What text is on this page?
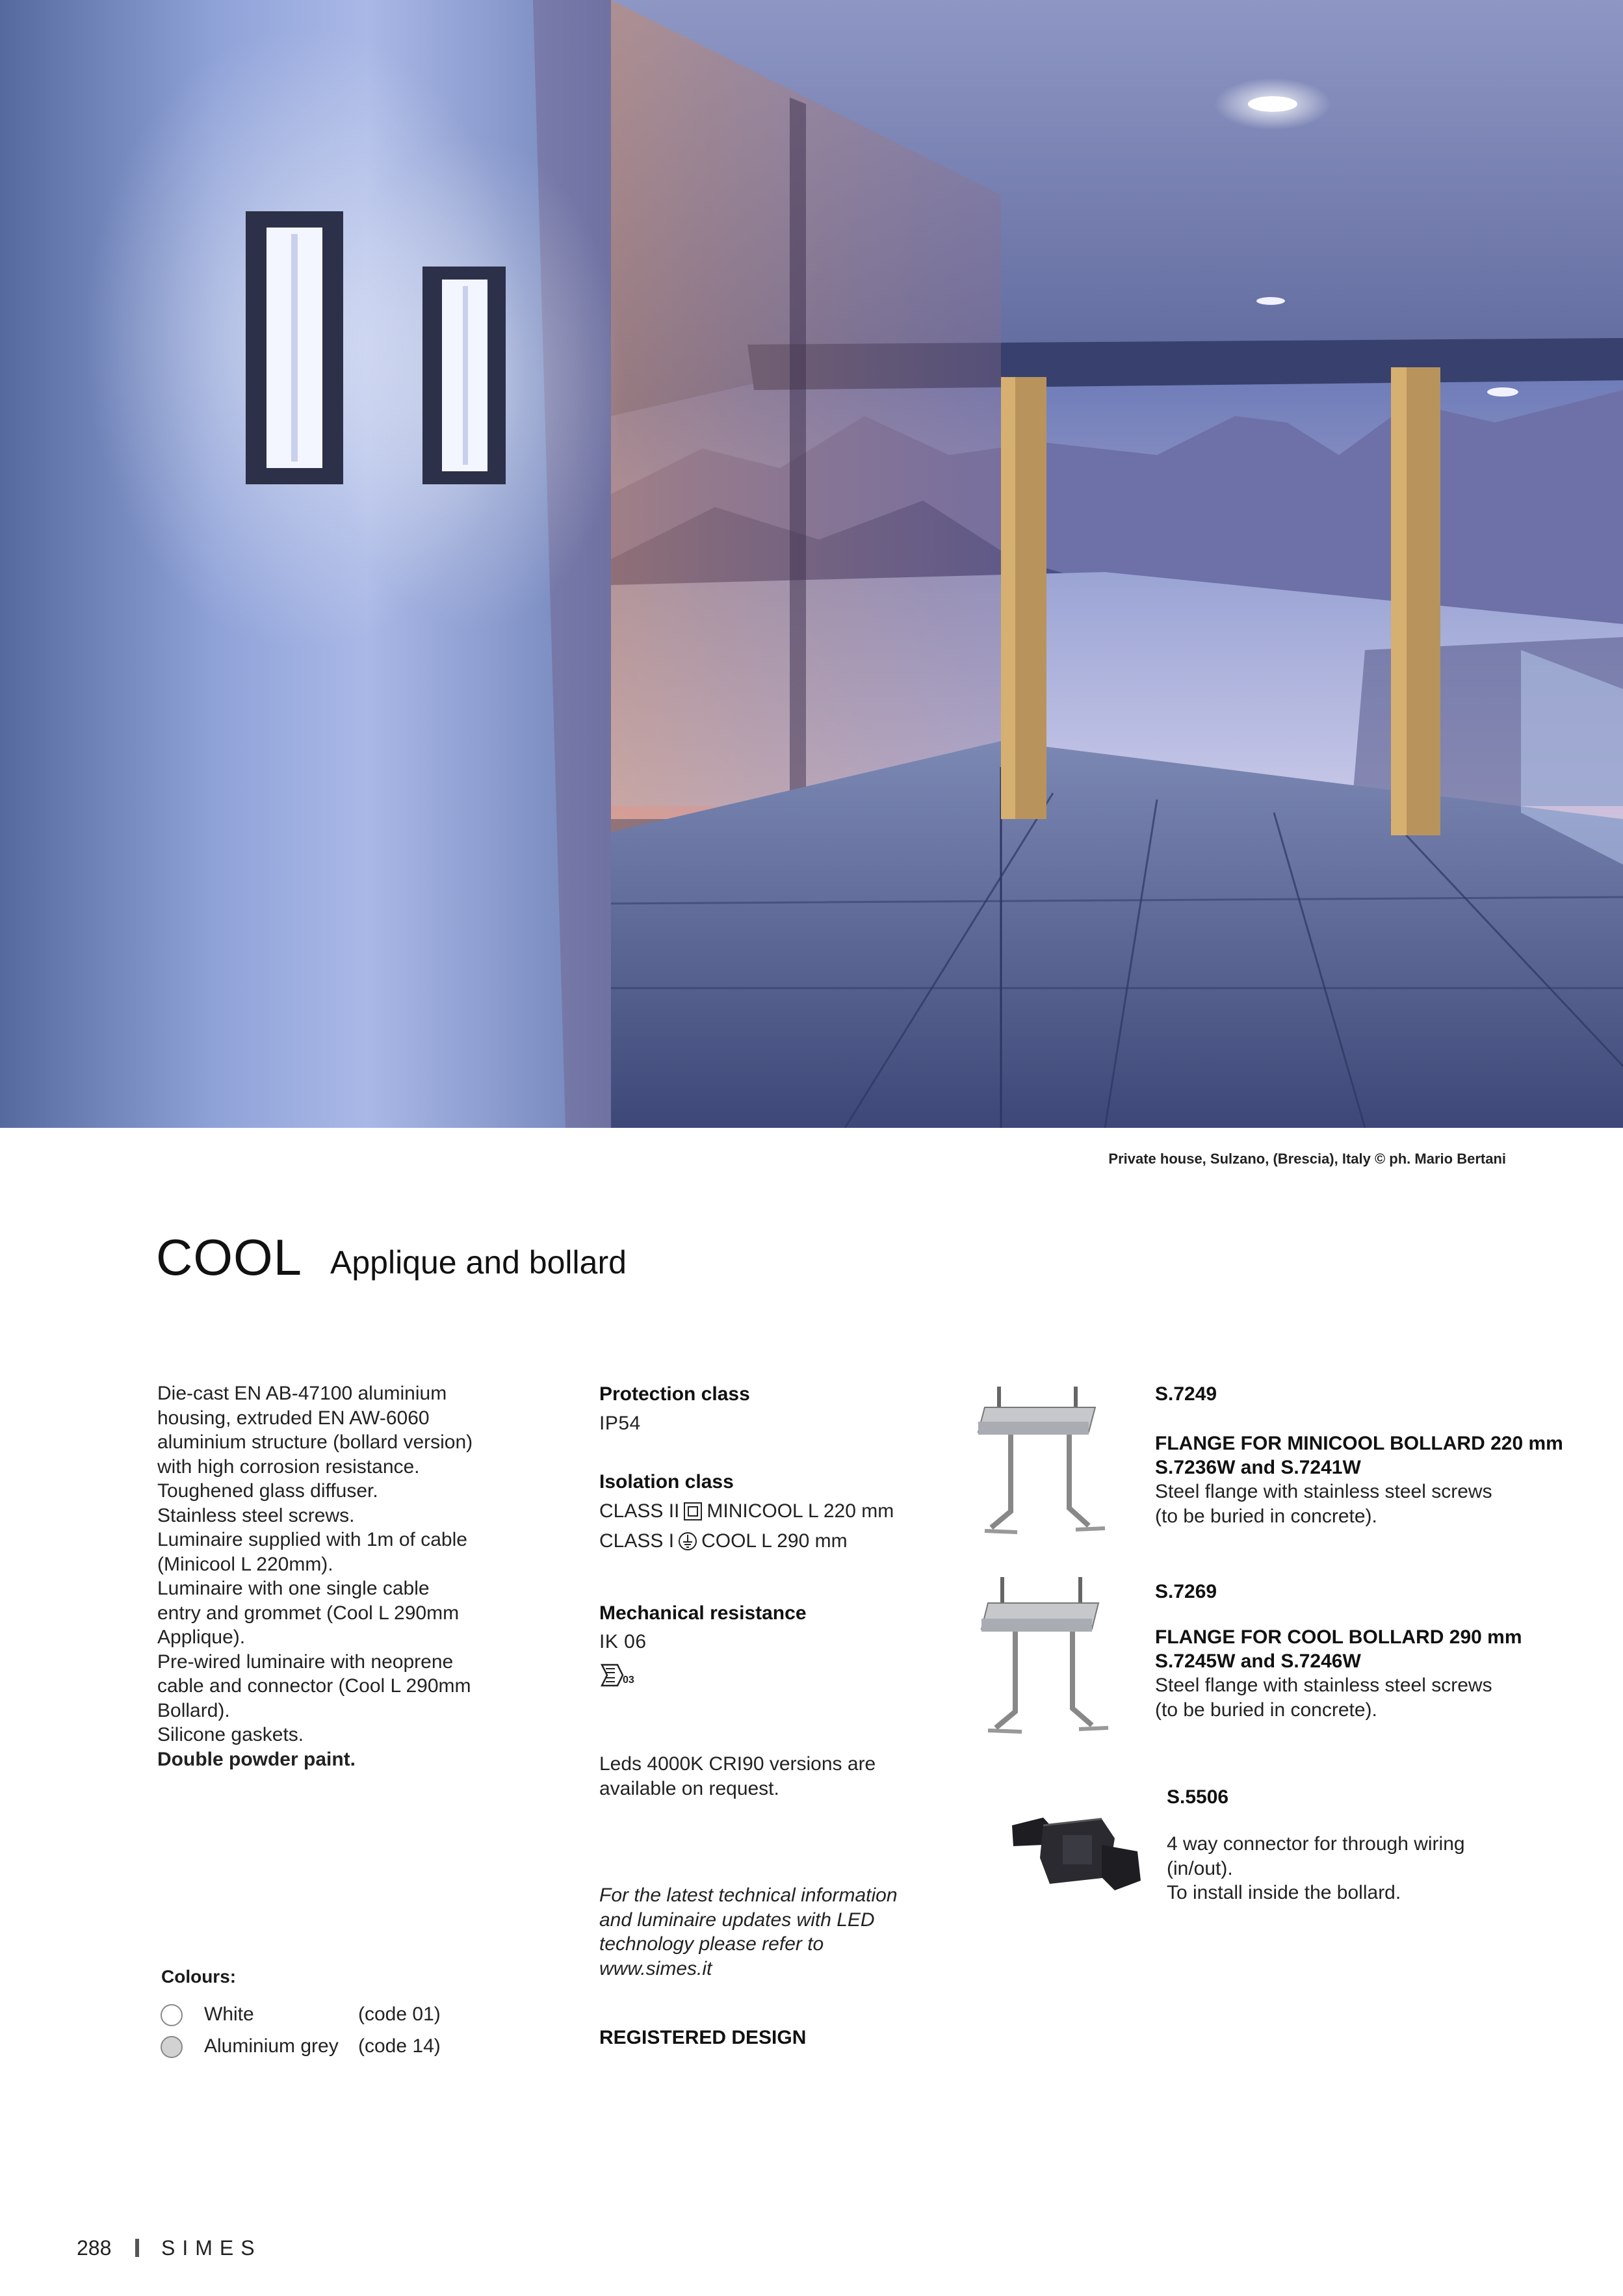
Private house, Sulzano, (Brescia), Italy © ph. Mario Bertani
COOL Applique and bollard
Die-cast EN AB-47100 aluminium
housing, extruded EN AW-6060
aluminium structure (bollard version)
with high corrosion resistance.
Toughened glass diffuser.
Stainless steel screws.
Luminaire supplied with 1m of cable
(Minicool L 220mm).
Luminaire with one single cable
entry and grommet (Cool L 290mm
Applique).
Pre-wired luminaire with neoprene
cable and connector (Cool L 290mm
Bollard).
Silicone gaskets.
Double powder paint.
Colours:
White	(code 01)
Aluminium grey (code 14)
Protection class
IP54
Isolation class
CLASS II MINICOOL L 220 mm
CLASS I COOL L 290 mm
Mechanical resistance
IK 06
03
Leds 4000K CRI90 versions are
available on request.
For the latest technical information
and luminaire updates with LED
technology please refer to
www.simes.it
REGISTERED DESIGN
S.7249
FLANGE FOR MINICOOL BOLLARD 220 mm
S.7236W and S.7241W
Steel flange with stainless steel screws
(to be buried in concrete).
S.7269
FLANGE FOR COOL BOLLARD 290 mm
S.7245W and S.7246W
Steel flange with stainless steel screws
(to be buried in concrete).
S.5506
4 way connector for through wiring
(in/out).
To install inside the bollard.
288 SIMES
